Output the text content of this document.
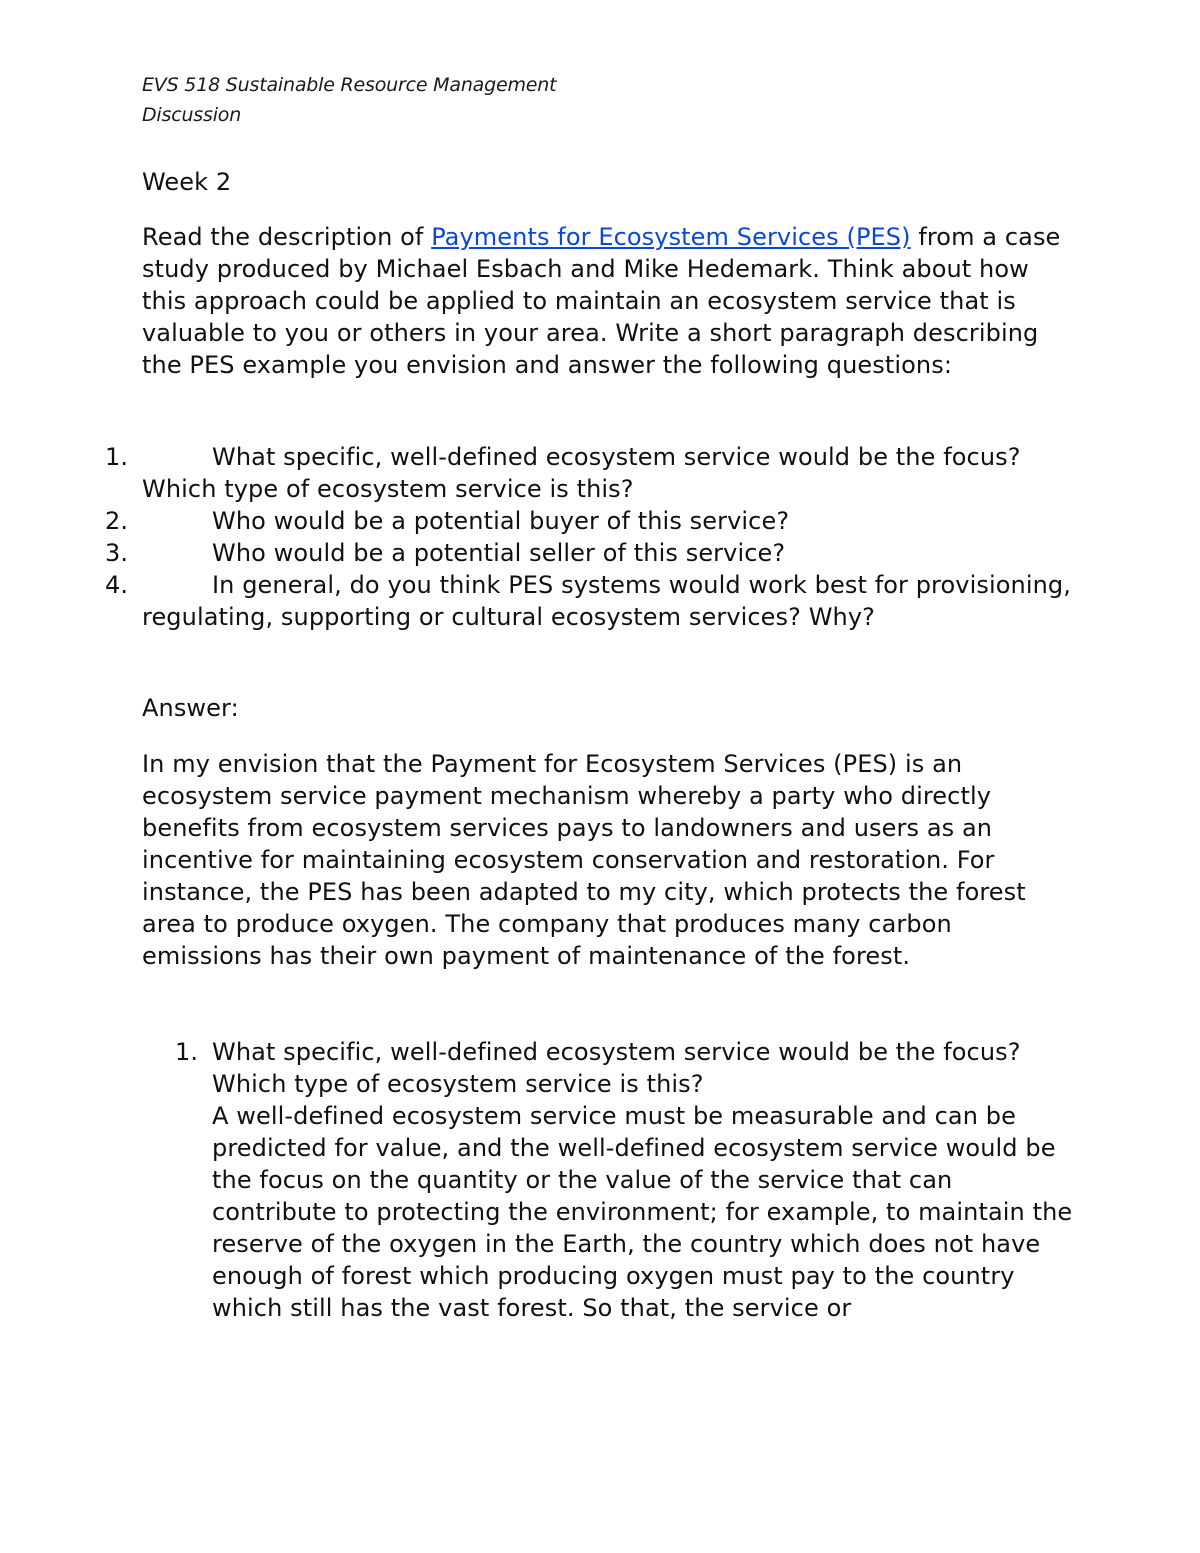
EVS 518 Sustainable Resource Management
Discussion
Week 2
Read the description of Payments for Ecosystem Services (PES) from a case study produced by Michael Esbach and Mike Hedemark. Think about how this approach could be applied to maintain an ecosystem service that is valuable to you or others in your area. Write a short paragraph describing the PES example you envision and answer the following questions:
1.	What specific, well-defined ecosystem service would be the focus? Which type of ecosystem service is this?
2.	Who would be a potential buyer of this service?
3.	Who would be a potential seller of this service?
4.	In general, do you think PES systems would work best for provisioning, regulating, supporting or cultural ecosystem services? Why?
Answer:
In my envision that the Payment for Ecosystem Services (PES) is an ecosystem service payment mechanism whereby a party who directly benefits from ecosystem services pays to landowners and users as an incentive for maintaining ecosystem conservation and restoration. For instance, the PES has been adapted to my city, which protects the forest area to produce oxygen. The company that produces many carbon emissions has their own payment of maintenance of the forest.
1. What specific, well-defined ecosystem service would be the focus? Which type of ecosystem service is this?
A well-defined ecosystem service must be measurable and can be predicted for value, and the well-defined ecosystem service would be the focus on the quantity or the value of the service that can contribute to protecting the environment; for example, to maintain the reserve of the oxygen in the Earth, the country which does not have enough of forest which producing oxygen must pay to the country which still has the vast forest. So that, the service or
